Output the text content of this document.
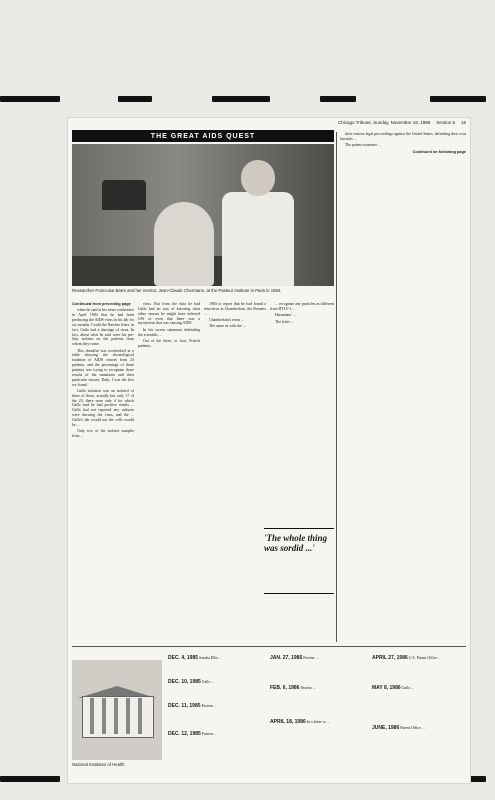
Chicago Tribune, Sunday, November 19, 1989 Section 5 15
THE GREAT AIDS QUEST
Researcher Francoise Barre and her mentor, Jean-Claude Chermann, at the Pasteur Institute in Paris in 1984.

Continued from preceding page

when he said at his news conference in April 1984 that he had been producing the AIDS virus in his lab for six months. Could the Natcher letter, in fact, Gallo had a shortage of virus. In fact, about what he said were his pre-July isolates on the patients from whom they came.

This dreadful was overlooked in a table showing the chronological isolation of AIDS viruses from 23 patients, and the percentage of those patients was trying to recognize those results of the mutations and their particular viruses. Dark, I was the first we found.

Gallo isolation was an isolated of three of these, actually but only 17 of the 23, there were only 4 for which Gallo said he had positive results ... Gallo had not reported any cultures were showing the virus, and the ... Gallo's lab would not the cells would be ...

Only two of the isolates samples from ...

virus. But from the data he had Gallo had no way of knowing what other viruses he might have infected GW or even that there was a mysterious that was causing AIDS.

In his sworn statement defending the scientific ...

Out of the three, or four, French patients...

1983 to report that he had found a retrovirus in Chamberlain, the Bonnets ...

Chamberlain's team ...

The same as with the ...

... recognize any particles as different from HTLV-1 ...

Harmanns' ...

The letter ...

their various legal proceedings against the United States, defending their own lawsuits ...

The patent examiner...

Continued on following page

'The whole thing was sordid ...'
National Institutes of Health
DEC. 4, 1985 Sandra Ellis...
DEC. 10, 1985 Gallo ...
DEC. 11, 1985 Pasteur ...
DEC. 12, 1985 Pasteur ...
JAN. 27, 1986 Pasteur ...
FEB. 6, 1986 Pasteur ...
APRIL 18, 1986 In a letter to ...
APRIL 27, 1986 U.S. Patent Office ...
MAY 8, 1986 Gallo ...
JUNE, 1986 Patent Office ...
